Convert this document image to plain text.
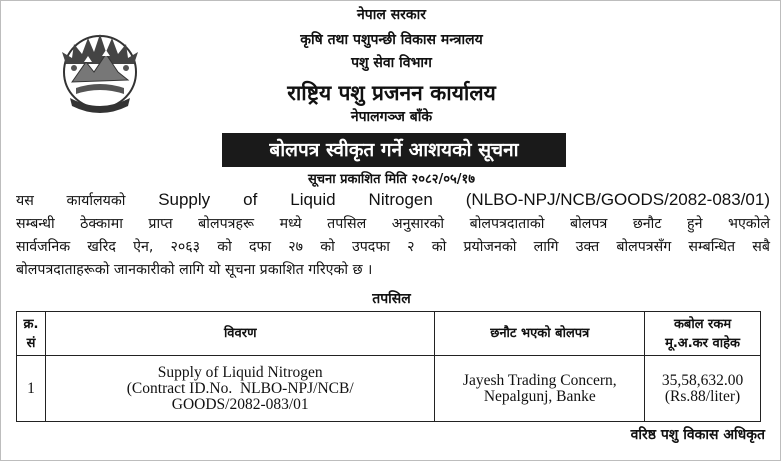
नेपाल सरकार
कृषि तथा पशुपन्छी विकास मन्त्रालय
पशु सेवा विभाग
राष्ट्रिय पशु प्रजनन कार्यालय
नेपालगञ्ज बाँके
बोलपत्र स्वीकृत गर्ने आशयको सूचना
सूचना प्रकाशित मिति २०८२/०५/१७
यस कार्यालयको Supply of Liquid Nitrogen (NLBO-NPJ/NCB/GOODS/2082-083/01)
सम्बन्धी ठेक्कामा प्राप्त बोलपत्रहरू मध्ये तपसिल अनुसारको बोलपत्रदाताको बोलपत्र छनौट हुने भएकोले
सार्वजनिक खरिद ऐन, २०६३ को दफा २७ को उपदफा २ को प्रयोजनको लागि उक्त बोलपत्रसँग सम्बन्धित सबै
बोलपत्रदाताहरूको जानकारीको लागि यो सूचना प्रकाशित गरिएको छ ।
तपसिल
क्र.
सं	विवरण	छनौट भएको बोलपत्र	कबोल रकम
मू.अ.कर वाहेक
1	Supply of Liquid Nitrogen
(Contract ID.No.  NLBO-NPJ/NCB/
GOODS/2082-083/01	Jayesh Trading Concern,
Nepalgunj, Banke	35,58,632.00
(Rs.88/liter)
वरिष्ठ पशु विकास अधिकृत
